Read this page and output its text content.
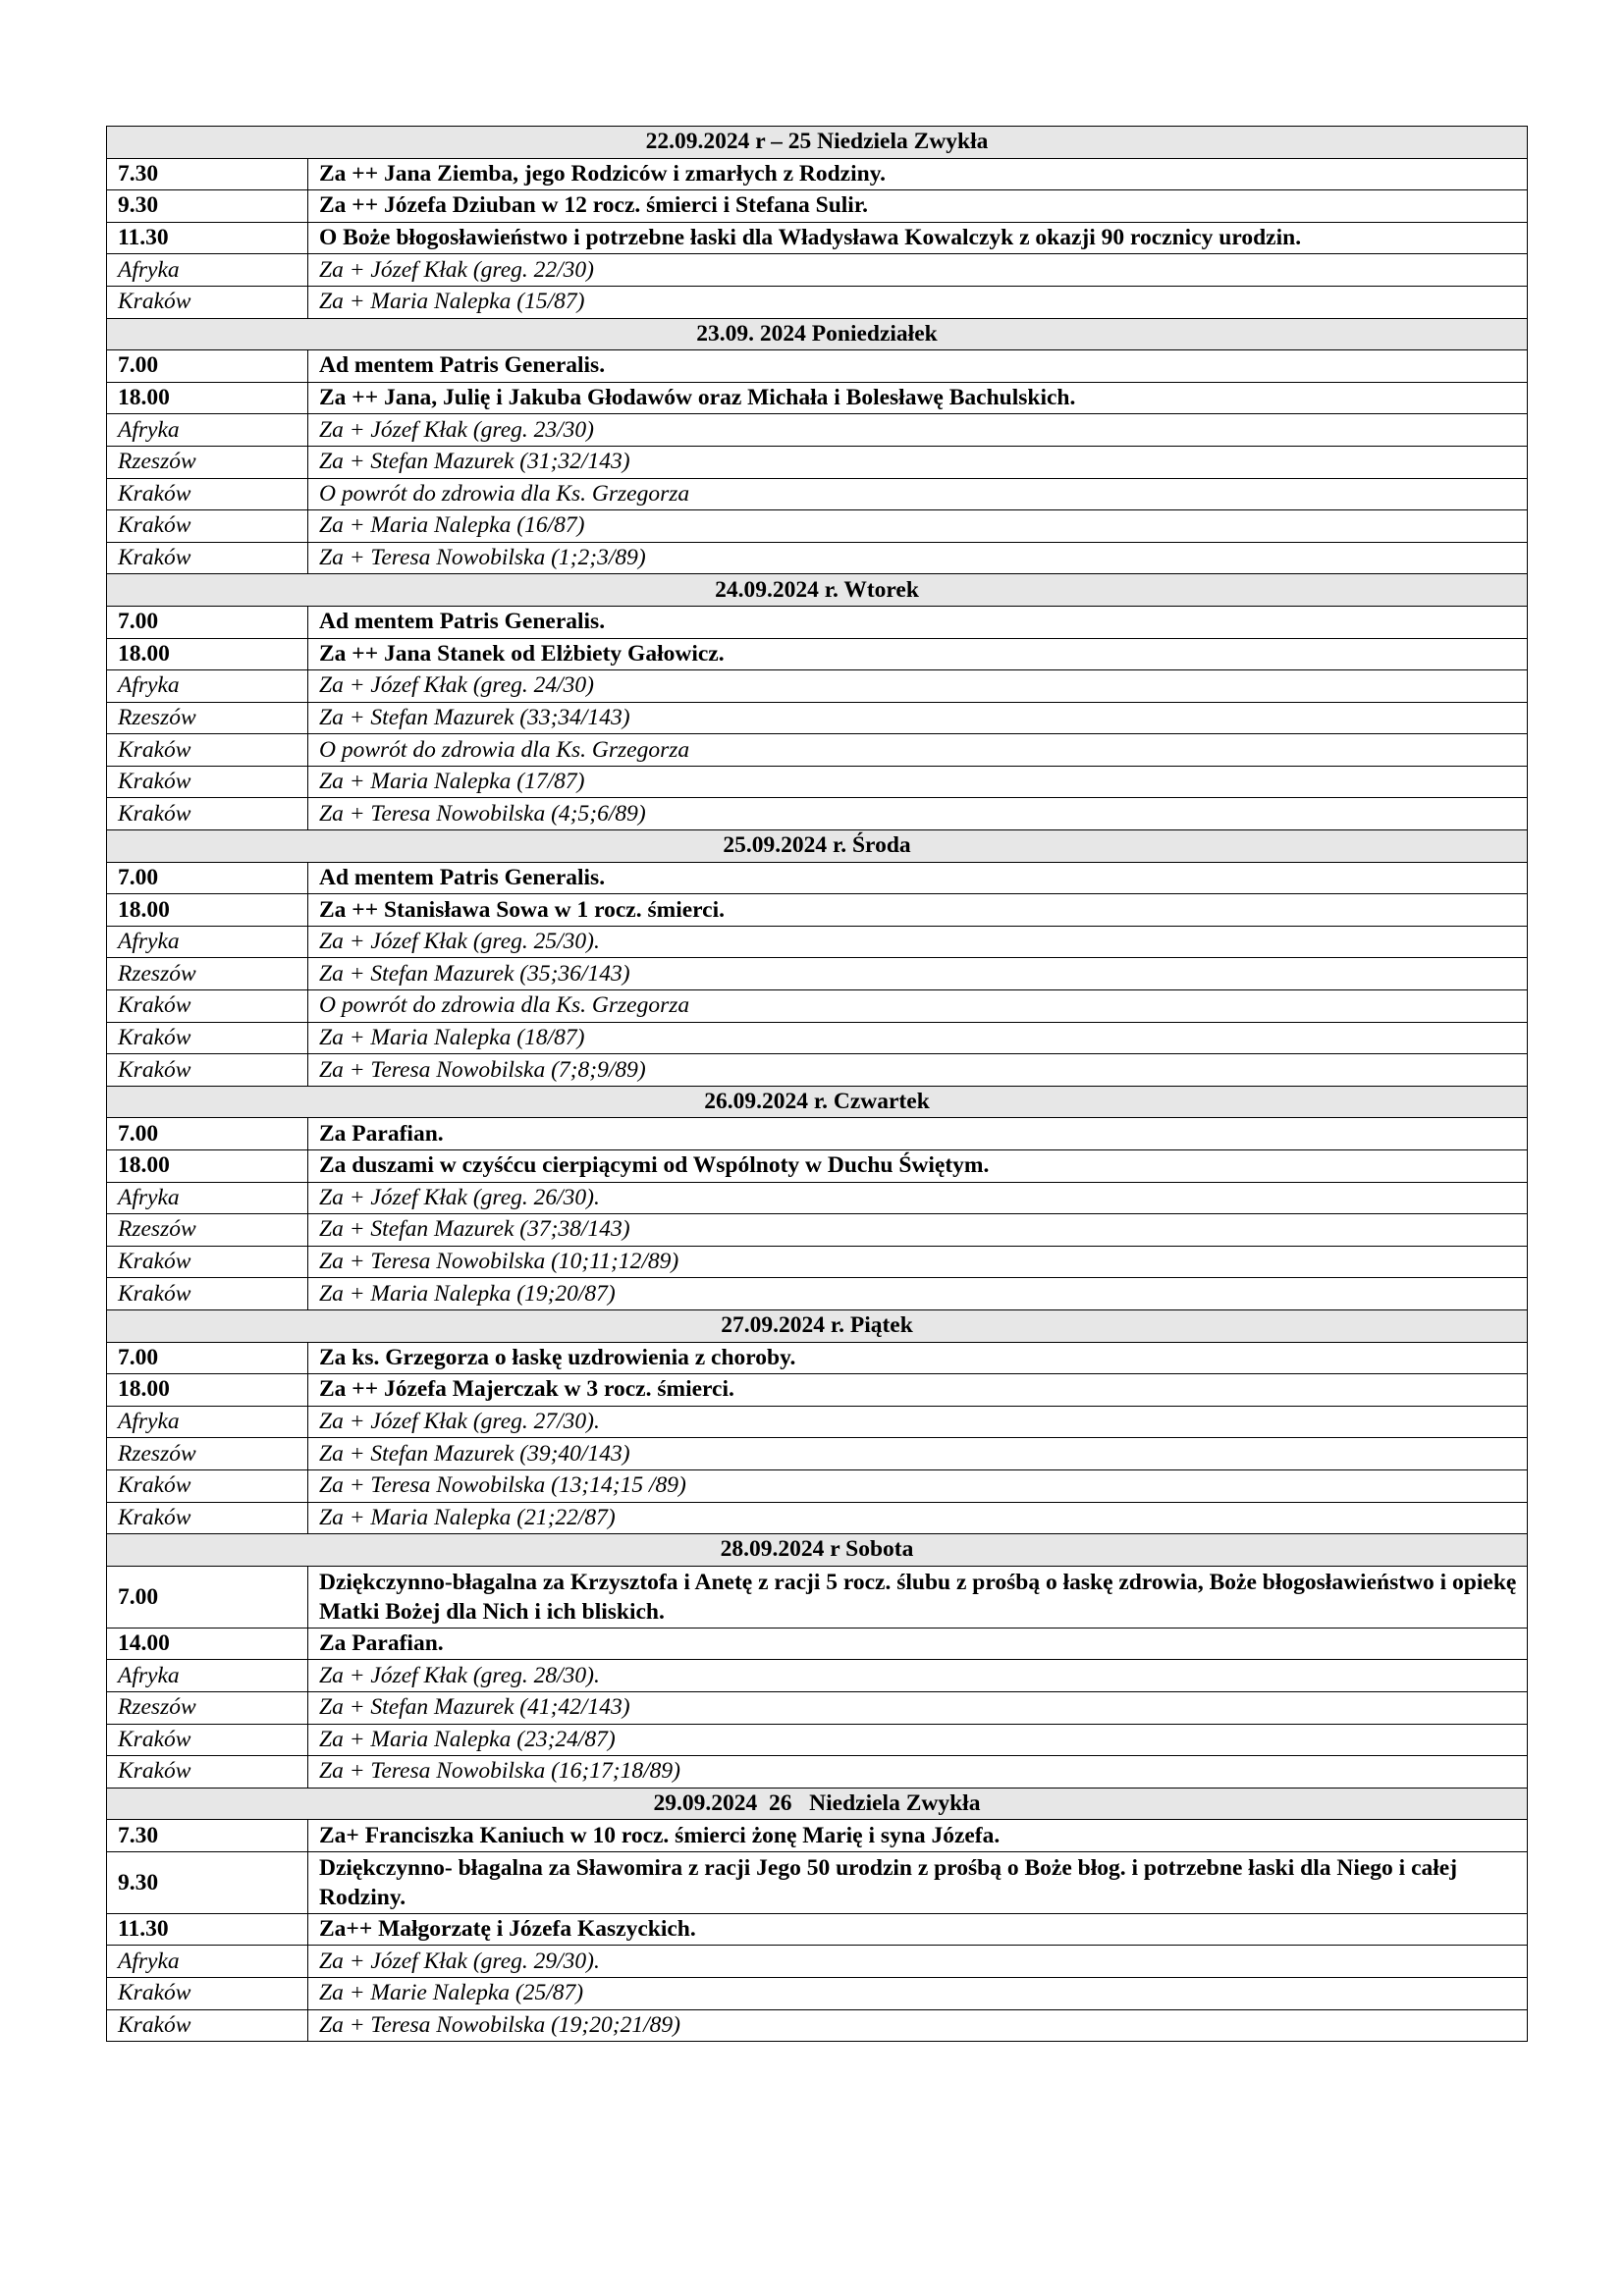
22.09.2024 r – 25 Niedziela Zwykła	
7.30	Za ++ Jana Ziemba, jego Rodziców i zmarłych z Rodziny.
9.30	Za ++ Józefa Dziuban w 12 rocz. śmierci i Stefana Sulir.
11.30	O Boże błogosławieństwo i potrzebne łaski dla Władysława Kowalczyk z okazji 90 rocznicy urodzin.
Afryka	Za + Józef Kłak (greg. 22/30)
Kraków	Za + Maria Nalepka (15/87)
23.09. 2024 Poniedziałek	
7.00	Ad mentem Patris Generalis.
18.00	Za ++ Jana, Julię i Jakuba Głodawów oraz Michała i Bolesławę Bachulskich.
Afryka	Za + Józef Kłak (greg. 23/30)
Rzeszów	Za + Stefan Mazurek (31;32/143)
Kraków	O powrót do zdrowia dla Ks. Grzegorza
Kraków	Za + Maria Nalepka (16/87)
Kraków	Za + Teresa Nowobilska (1;2;3/89)
24.09.2024 r. Wtorek	
7.00	Ad mentem Patris Generalis.
18.00	Za ++ Jana Stanek od Elżbiety Gałowicz.
Afryka	Za + Józef Kłak (greg. 24/30)
Rzeszów	Za + Stefan Mazurek (33;34/143)
Kraków	O powrót do zdrowia dla Ks. Grzegorza
Kraków	Za + Maria Nalepka (17/87)
Kraków	Za + Teresa Nowobilska (4;5;6/89)
25.09.2024 r. Środa	
7.00	Ad mentem Patris Generalis.
18.00	Za ++ Stanisława Sowa w 1 rocz. śmierci.
Afryka	Za + Józef Kłak (greg. 25/30).
Rzeszów	Za + Stefan Mazurek (35;36/143)
Kraków	O powrót do zdrowia dla Ks. Grzegorza
Kraków	Za + Maria Nalepka (18/87)
Kraków	Za + Teresa Nowobilska (7;8;9/89)
26.09.2024 r. Czwartek	
7.00	Za Parafian.
18.00	Za duszami w czyśćcu cierpiącymi od Wspólnoty w Duchu Świętym.
Afryka	Za + Józef Kłak (greg. 26/30).
Rzeszów	Za + Stefan Mazurek (37;38/143)
Kraków	Za + Teresa Nowobilska (10;11;12/89)
Kraków	Za + Maria Nalepka (19;20/87)
27.09.2024 r. Piątek	
7.00	Za ks. Grzegorza o łaskę uzdrowienia z choroby.
18.00	Za ++ Józefa Majerczak w 3 rocz. śmierci.
Afryka	Za + Józef Kłak (greg. 27/30).
Rzeszów	Za + Stefan Mazurek (39;40/143)
Kraków	Za + Teresa Nowobilska (13;14;15 /89)
Kraków	Za + Maria Nalepka (21;22/87)
28.09.2024 r Sobota	
7.00	Dziękczynno-błagalna za Krzysztofa i Anetę z racji 5 rocz. ślubu z prośbą o łaskę zdrowia, Boże błogosławieństwo i opiekę Matki Bożej dla Nich i ich bliskich.
14.00	Za Parafian.
Afryka	Za + Józef Kłak (greg. 28/30).
Rzeszów	Za + Stefan Mazurek (41;42/143)
Kraków	Za + Maria Nalepka (23;24/87)
Kraków	Za + Teresa Nowobilska (16;17;18/89)
29.09.2024  26   Niedziela Zwykła	
7.30	Za+ Franciszka Kaniuch w 10 rocz. śmierci żonę Marię i syna Józefa.
9.30	Dziękczynno- błagalna za Sławomira z racji Jego 50 urodzin z prośbą o Boże błog. i potrzebne łaski dla Niego i całej Rodziny.
11.30	Za++ Małgorzatę i Józefa Kaszyckich.
Afryka	Za + Józef Kłak (greg. 29/30).
Kraków	Za + Marie Nalepka (25/87)
Kraków	Za + Teresa Nowobilska (19;20;21/89)
